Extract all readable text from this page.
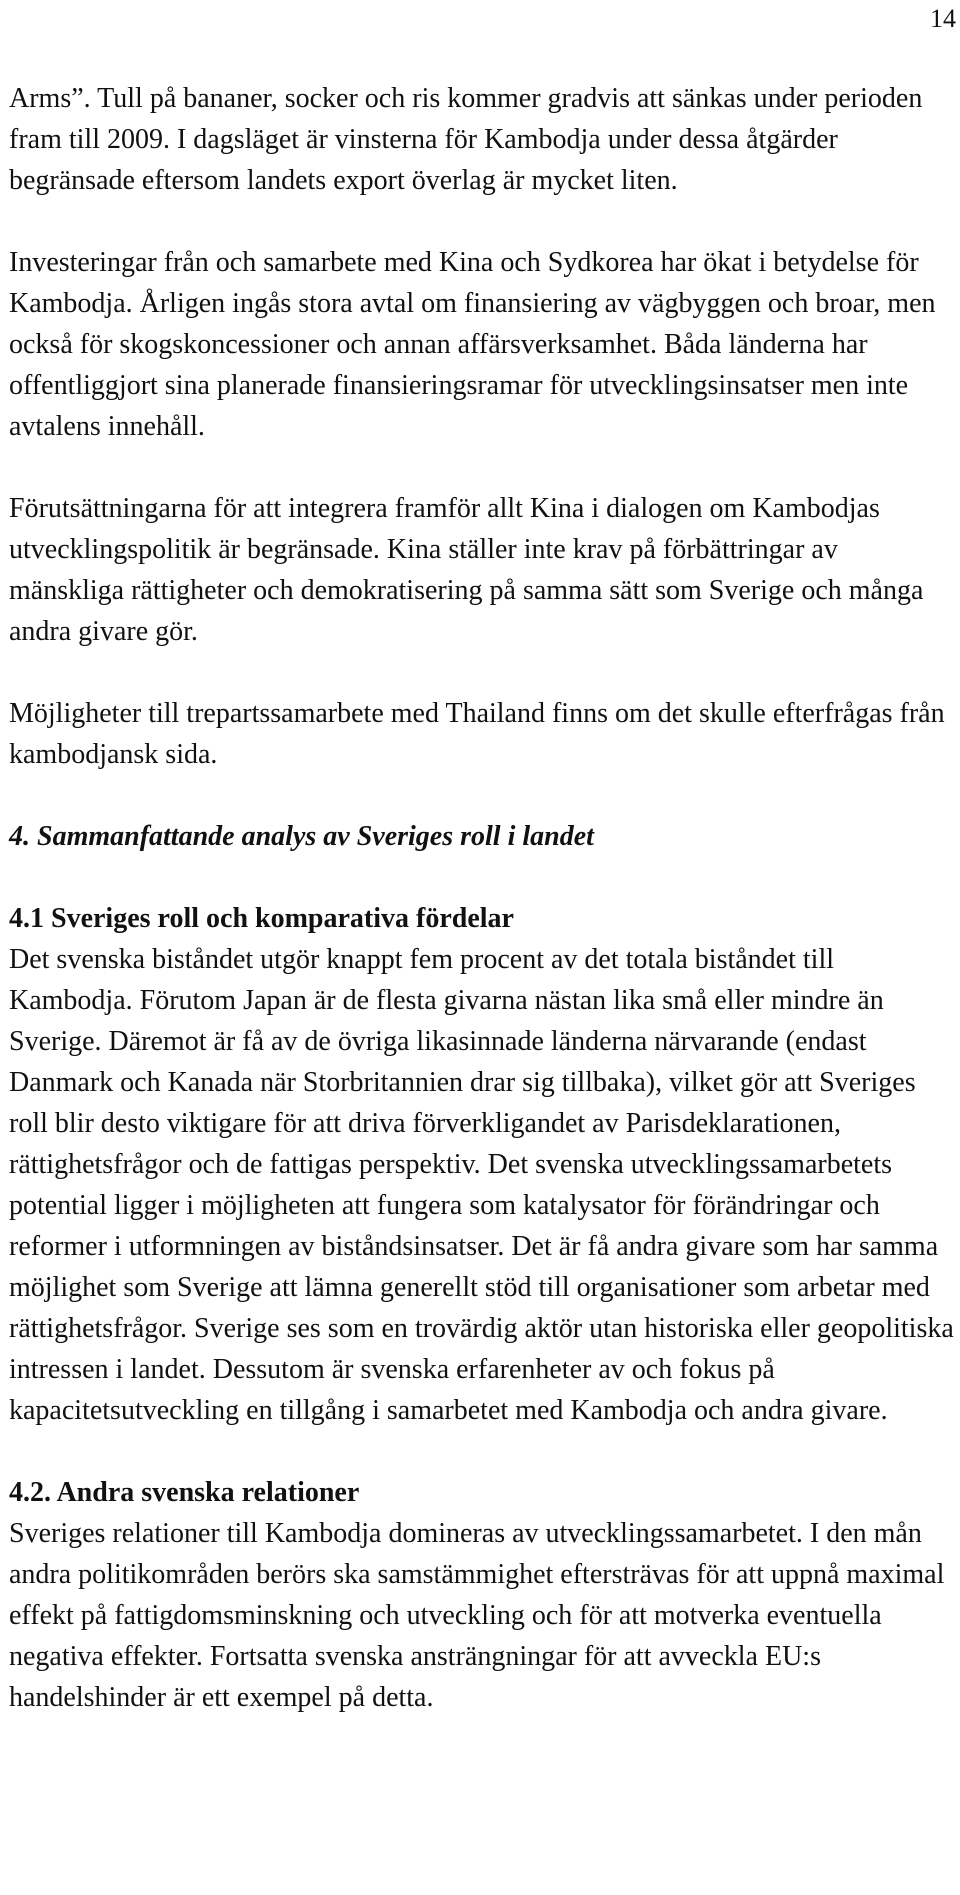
14

Arms”. Tull på bananer, socker och ris kommer gradvis att sänkas under perioden fram till 2009. I dagsläget är vinsterna för Kambodja under dessa åtgärder begränsade eftersom landets export överlag är mycket liten.

Investeringar från och samarbete med Kina och Sydkorea har ökat i betydelse för Kambodja. Årligen ingås stora avtal om finansiering av vägbyggen och broar, men också för skogskoncessioner och annan affärsverksamhet. Båda länderna har offentliggjort sina planerade finansieringsramar för utvecklingsinsatser men inte avtalens innehåll.

Förutsättningarna för att integrera framför allt Kina i dialogen om Kambodjas utvecklingspolitik är begränsade. Kina ställer inte krav på förbättringar av mänskliga rättigheter och demokratisering på samma sätt som Sverige och många andra givare gör.

Möjligheter till trepartssamarbete med Thailand finns om det skulle efterfrågas från kambodjansk sida.

4. Sammanfattande analys av Sveriges roll i landet
4.1 Sveriges roll och komparativa fördelar

Det svenska biståndet utgör knappt fem procent av det totala biståndet till Kambodja. Förutom Japan är de flesta givarna nästan lika små eller mindre än Sverige. Däremot är få av de övriga likasinnade länderna närvarande (endast Danmark och Kanada när Storbritannien drar sig tillbaka), vilket gör att Sveriges roll blir desto viktigare för att driva förverkligandet av Parisdeklarationen, rättighetsfrågor och de fattigas perspektiv. Det svenska utvecklingssamarbetets potential ligger i möjligheten att fungera som katalysator för förändringar och reformer i utformningen av biståndsinsatser. Det är få andra givare som har samma möjlighet som Sverige att lämna generellt stöd till organisationer som arbetar med rättighetsfrågor. Sverige ses som en trovärdig aktör utan historiska eller geopolitiska intressen i landet. Dessutom är svenska erfarenheter av och fokus på kapacitetsutveckling en tillgång i samarbetet med Kambodja och andra givare.

4.2. Andra svenska relationer

Sveriges relationer till Kambodja domineras av utvecklingssamarbetet. I den mån andra politikområden berörs ska samstämmighet eftersträvas för att uppnå maximal effekt på fattigdomsminskning och utveckling och för att motverka eventuella negativa effekter. Fortsatta svenska ansträngningar för att avveckla EU:s handelshinder är ett exempel på detta.
